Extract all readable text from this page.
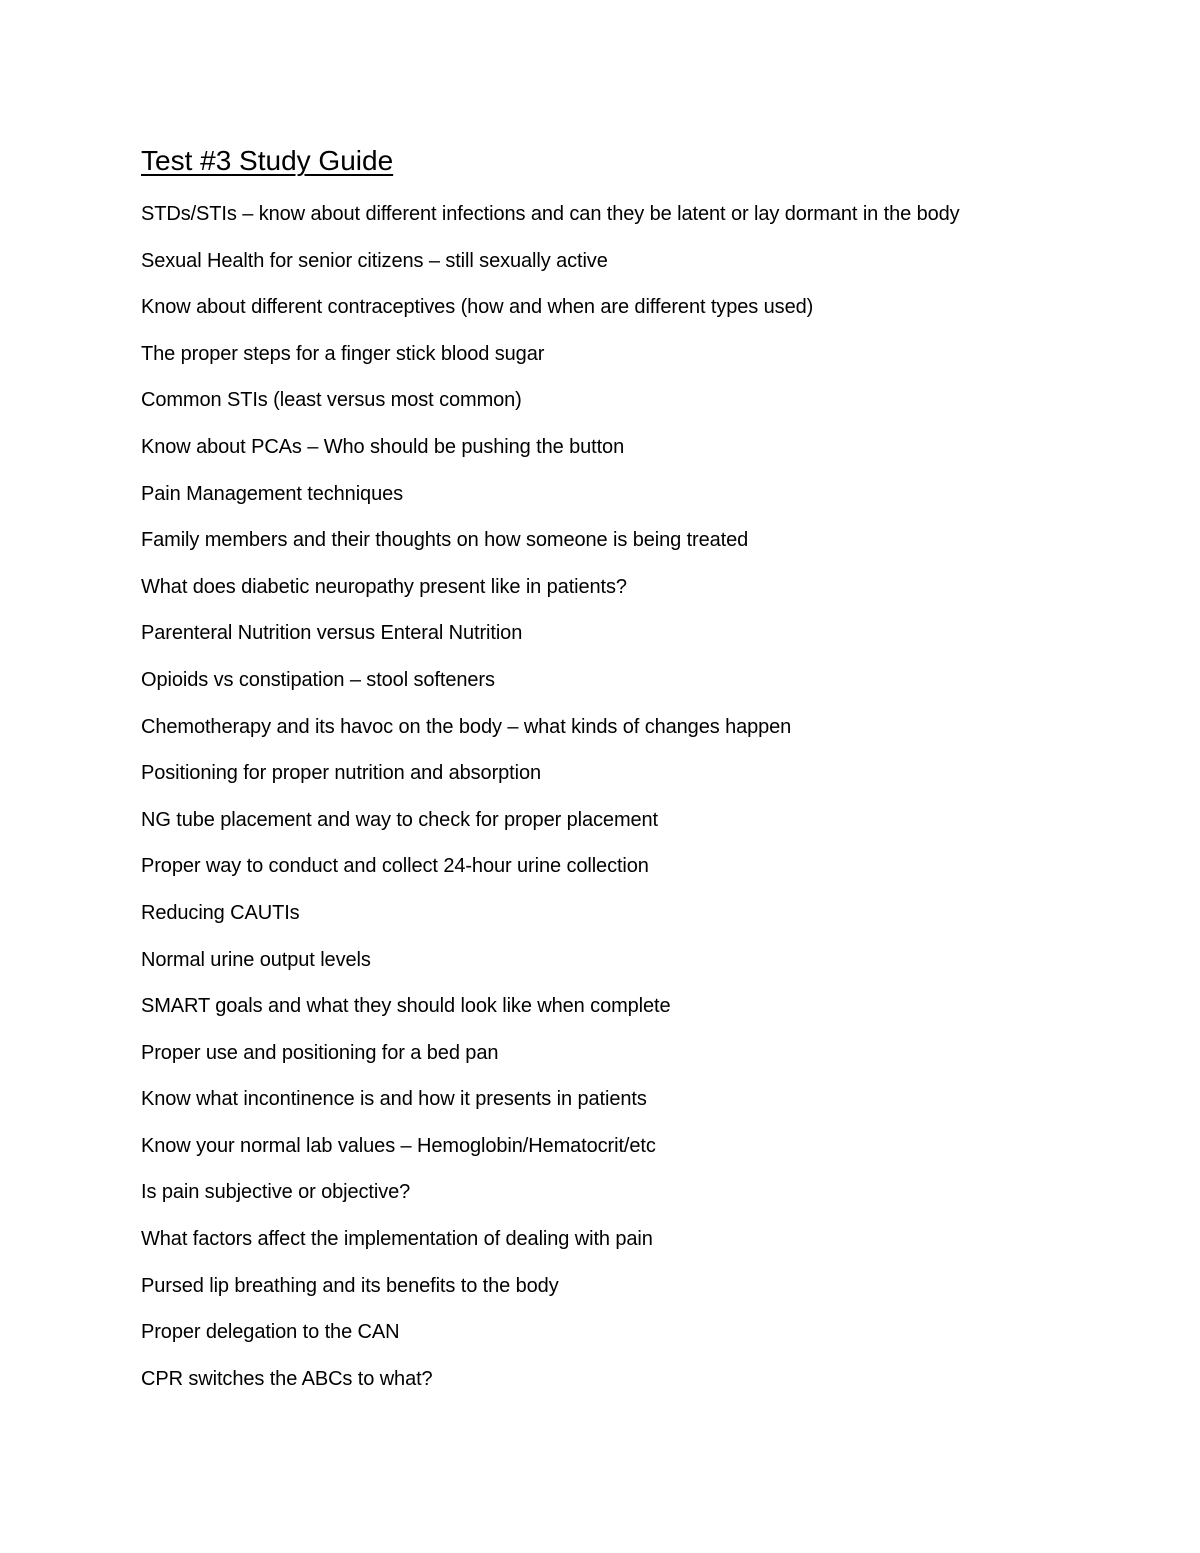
Test #3 Study Guide
STDs/STIs – know about different infections and can they be latent or lay dormant in the body
Sexual Health for senior citizens – still sexually active
Know about different contraceptives (how and when are different types used)
The proper steps for a finger stick blood sugar
Common STIs (least versus most common)
Know about PCAs – Who should be pushing the button
Pain Management techniques
Family members and their thoughts on how someone is being treated
What does diabetic neuropathy present like in patients?
Parenteral Nutrition versus Enteral Nutrition
Opioids vs constipation – stool softeners
Chemotherapy and its havoc on the body – what kinds of changes happen
Positioning for proper nutrition and absorption
NG tube placement and way to check for proper placement
Proper way to conduct and collect 24-hour urine collection
Reducing CAUTIs
Normal urine output levels
SMART goals and what they should look like when complete
Proper use and positioning for a bed pan
Know what incontinence is and how it presents in patients
Know your normal lab values – Hemoglobin/Hematocrit/etc
Is pain subjective or objective?
What factors affect the implementation of dealing with pain
Pursed lip breathing and its benefits to the body
Proper delegation to the CAN
CPR switches the ABCs to what?
